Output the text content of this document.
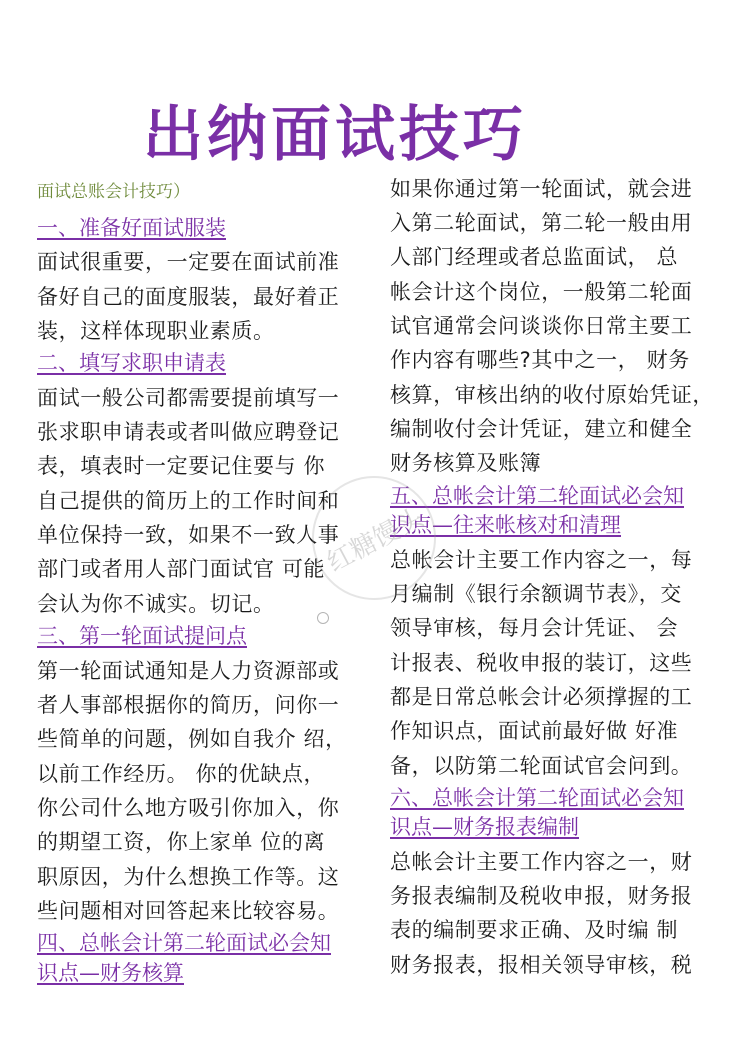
出纳面试技巧
面试总账会计技巧）
一、准备好面试服装
面试很重要，一定要在面试前准
备好自己的面度服装，最好着正
装，这样体现职业素质。
二、填写求职申请表
面试一般公司都需要提前填写一
张求职申请表或者叫做应聘登记
表，填表时一定要记住要与 你
自己提供的简历上的工作时间和
单位保持一致，如果不一致人事
部门或者用人部门面试官 可能
会认为你不诚实。切记。
三、第一轮面试提问点
第一轮面试通知是人力资源部或
者人事部根据你的简历，问你一
些简单的问题，例如自我介 绍，
以前工作经历。 你的优缺点，
你公司什么地方吸引你加入，你
的期望工资，你上家单 位的离
职原因，为什么想换工作等。这
些问题相对回答起来比较容易。
四、总帐会计第二轮面试必会知
识点—财务核算
如果你通过第一轮面试，就会进
入第二轮面试，第二轮一般由用
人部门经理或者总监面试， 总
帐会计这个岗位，一般第二轮面
试官通常会问谈谈你日常主要工
作内容有哪些?其中之一， 财务
核算，审核出纳的收付原始凭证，
编制收付会计凭证，建立和健全
财务核算及账簿
五、总帐会计第二轮面试必会知
识点—往来帐核对和清理
总帐会计主要工作内容之一，每
月编制《银行余额调节表》，交
领导审核，每月会计凭证、 会
计报表、税收申报的装订，这些
都是日常总帐会计必须撑握的工
作知识点，面试前最好做 好准
备，以防第二轮面试官会问到。
六、总帐会计第二轮面试必会知
识点—财务报表编制
总帐会计主要工作内容之一，财
务报表编制及税收申报，财务报
表的编制要求正确、及时编 制
财务报表，报相关领导审核，税
红糖馒头
